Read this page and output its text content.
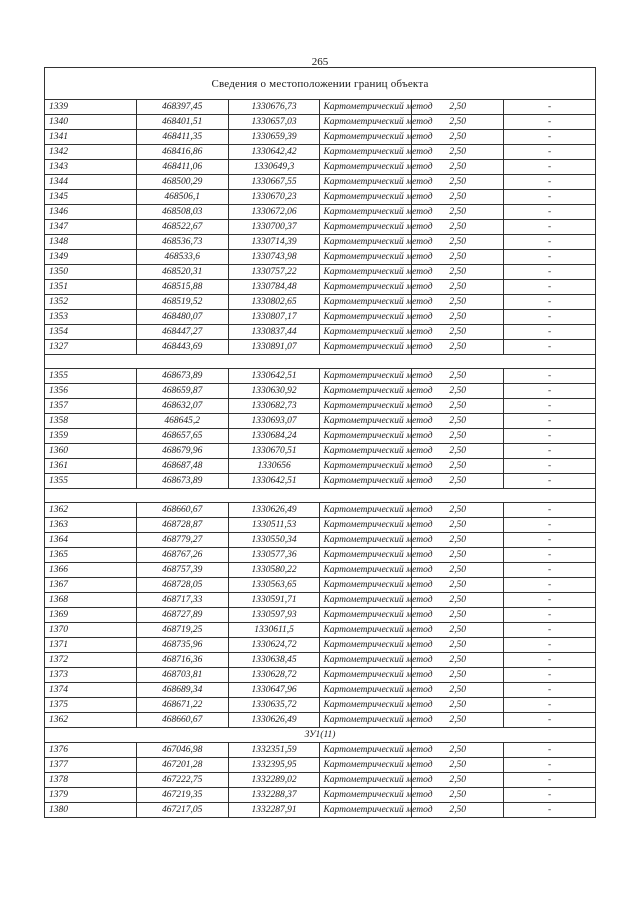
265
Сведения о местоположении границ объекта					
1339	468397,45	1330676,73	Картометрический метод	2,50	-
1340	468401,51	1330657,03	Картометрический метод	2,50	-
1341	468411,35	1330659,39	Картометрический метод	2,50	-
1342	468416,86	1330642,42	Картометрический метод	2,50	-
1343	468411,06	1330649,3	Картометрический метод	2,50	-
1344	468500,29	1330667,55	Картометрический метод	2,50	-
1345	468506,1	1330670,23	Картометрический метод	2,50	-
1346	468508,03	1330672,06	Картометрический метод	2,50	-
1347	468522,67	1330700,37	Картометрический метод	2,50	-
1348	468536,73	1330714,39	Картометрический метод	2,50	-
1349	468533,6	1330743,98	Картометрический метод	2,50	-
1350	468520,31	1330757,22	Картометрический метод	2,50	-
1351	468515,88	1330784,48	Картометрический метод	2,50	-
1352	468519,52	1330802,65	Картометрический метод	2,50	-
1353	468480,07	1330807,17	Картометрический метод	2,50	-
1354	468447,27	1330837,44	Картометрический метод	2,50	-
1327	468443,69	1330891,07	Картометрический метод	2,50	-

1355	468673,89	1330642,51	Картометрический метод	2,50	-
1356	468659,87	1330630,92	Картометрический метод	2,50	-
1357	468632,07	1330682,73	Картометрический метод	2,50	-
1358	468645,2	1330693,07	Картометрический метод	2,50	-
1359	468657,65	1330684,24	Картометрический метод	2,50	-
1360	468679,96	1330670,51	Картометрический метод	2,50	-
1361	468687,48	1330656	Картометрический метод	2,50	-
1355	468673,89	1330642,51	Картометрический метод	2,50	-

1362	468660,67	1330626,49	Картометрический метод	2,50	-
1363	468728,87	1330511,53	Картометрический метод	2,50	-
1364	468779,27	1330550,34	Картометрический метод	2,50	-
1365	468767,26	1330577,36	Картометрический метод	2,50	-
1366	468757,39	1330580,22	Картометрический метод	2,50	-
1367	468728,05	1330563,65	Картометрический метод	2,50	-
1368	468717,33	1330591,71	Картометрический метод	2,50	-
1369	468727,89	1330597,93	Картометрический метод	2,50	-
1370	468719,25	1330611,5	Картометрический метод	2,50	-
1371	468735,96	1330624,72	Картометрический метод	2,50	-
1372	468716,36	1330638,45	Картометрический метод	2,50	-
1373	468703,81	1330628,72	Картометрический метод	2,50	-
1374	468689,34	1330647,96	Картометрический метод	2,50	-
1375	468671,22	1330635,72	Картометрический метод	2,50	-
1362	468660,67	1330626,49	Картометрический метод	2,50	-
ЗУ1(11)					
1376	467046,98	1332351,59	Картометрический метод	2,50	-
1377	467201,28	1332395,95	Картометрический метод	2,50	-
1378	467222,75	1332289,02	Картометрический метод	2,50	-
1379	467219,35	1332288,37	Картометрический метод	2,50	-
1380	467217,05	1332287,91	Картометрический метод	2,50	-
